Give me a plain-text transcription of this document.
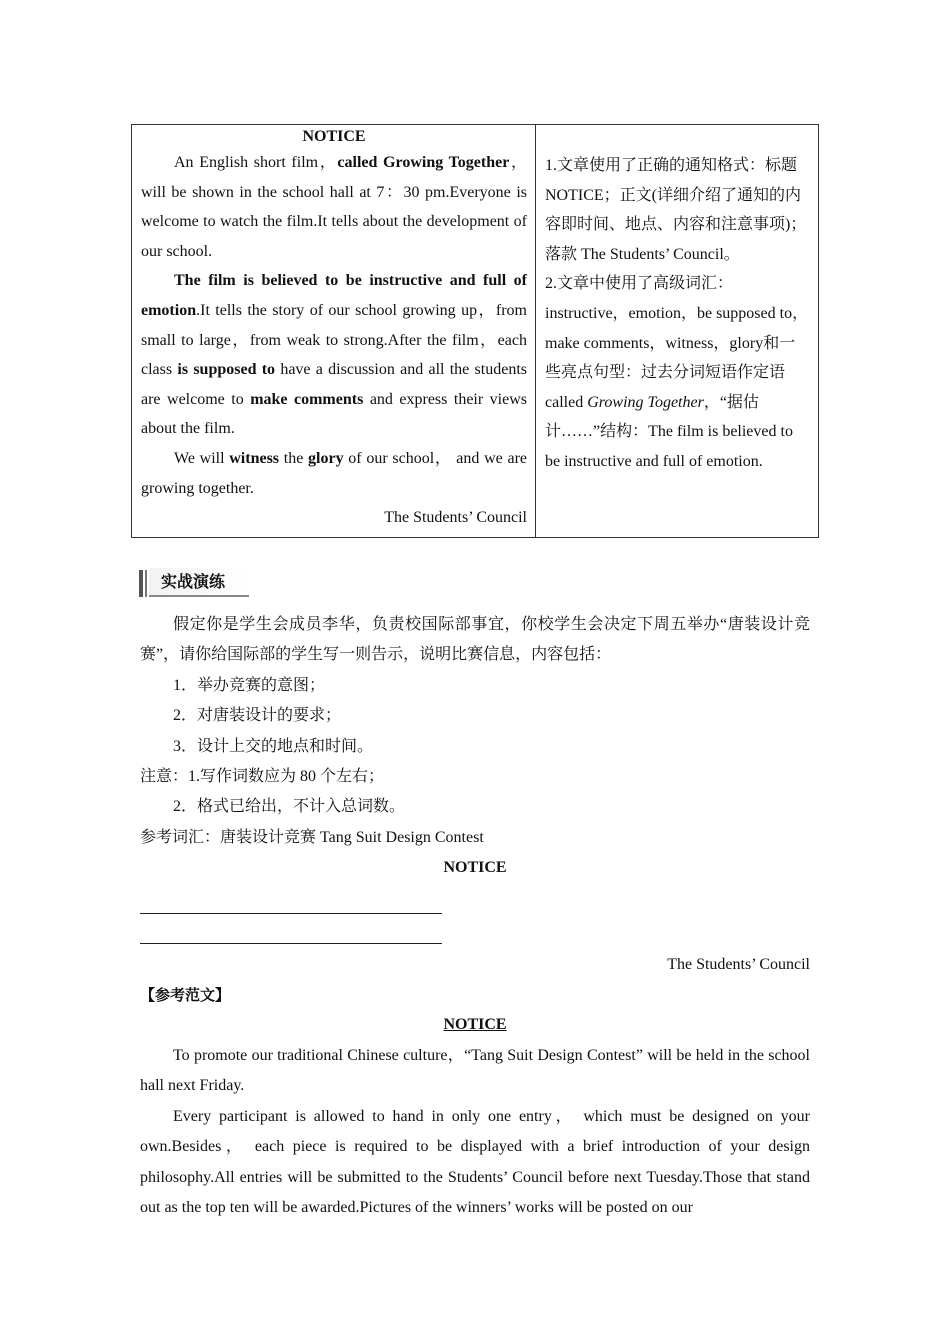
NOTICE

An English short film，called Growing Together， will be shown in the school hall at 7：30 pm.Everyone is welcome to watch the film.It tells about the development of our school.

The film is believed to be instructive and full of emotion.It tells the story of our school growing up，from small to large，from weak to strong.After the film，each class is supposed to have a discussion and all the students are welcome to make comments and express their views about the film.

We will witness the glory of our school， and we are growing together.

The Students’ Council

1.文章使用了正确的通知格式：标题NOTICE；正文(详细介绍了通知的内容即时间、地点、内容和注意事项)；落款 The Students’ Council。

2.文章中使用了高级词汇：instructive，emotion，be supposed to，make comments，witness，glory和一些亮点句型：过去分词短语作定语 called Growing Together，“据估计……”结构：The film is believed to be instructive and full of emotion.

实战演练

假定你是学生会成员李华，负责校国际部事宜，你校学生会决定下周五举办“唐装设计竞赛”，请你给国际部的学生写一则告示，说明比赛信息，内容包括：

1．举办竞赛的意图；

2．对唐装设计的要求；

3．设计上交的地点和时间。

注意：1.写作词数应为 80 个左右；

2．格式已给出，不计入总词数。

参考词汇：唐装设计竞赛 Tang Suit Design Contest

NOTICE

The Students’ Council

【参考范文】

NOTICE

To promote our traditional Chinese culture，“Tang Suit Design Contest” will be held in the school hall next Friday.

Every participant is allowed to hand in only one entry， which must be designed on your own.Besides， each piece is required to be displayed with a brief introduction of your design philosophy.All entries will be submitted to the Students’ Council before next Tuesday.Those that stand out as the top ten will be awarded.Pictures of the winners’ works will be posted on our
